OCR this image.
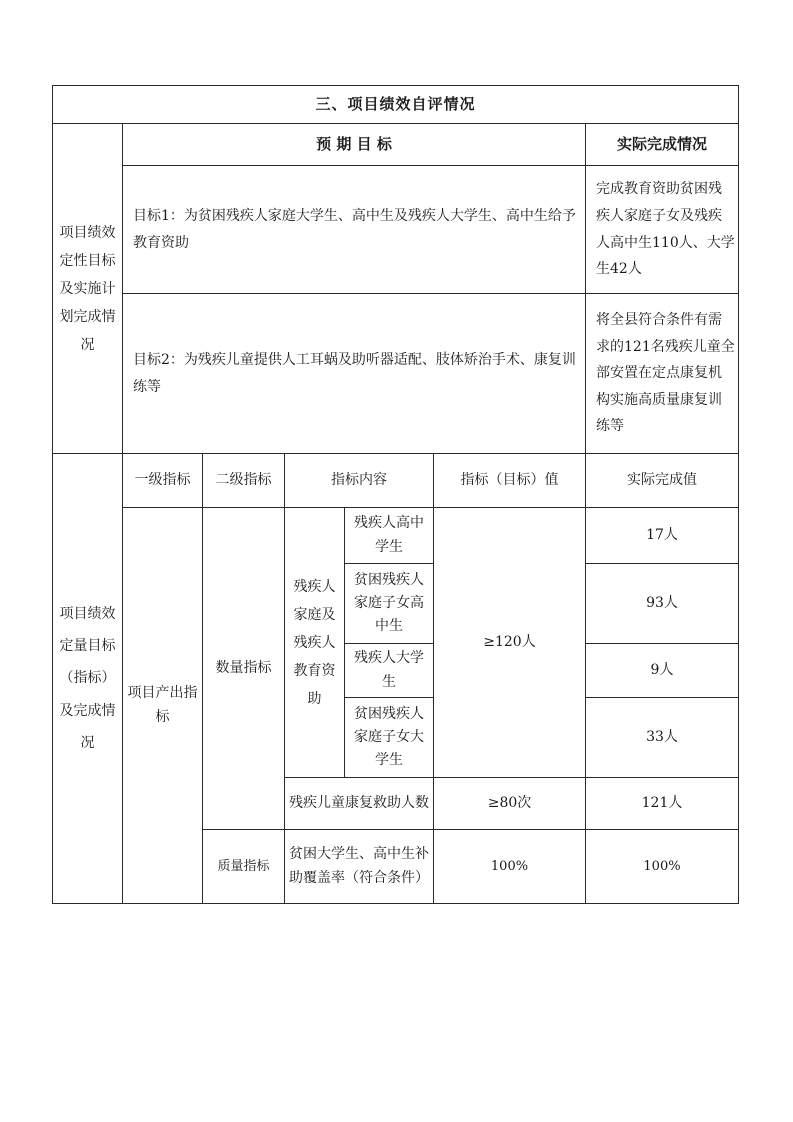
三、项目绩效自评情况						
项目绩效定性目标及实施计划完成情况	预 期 目 标					实际完成情况
	目标1：为贫困残疾人家庭大学生、高中生及残疾人大学生、高中生给予教育资助					完成教育资助贫困残疾人家庭子女及残疾人高中生110人、大学生42人
	目标2：为残疾儿童提供人工耳蜗及助听器适配、肢体矫治手术、康复训练等					将全县符合条件有需求的121名残疾儿童全部安置在定点康复机构实施高质量康复训练等
项目绩效定量目标（指标）及完成情况	一级指标	二级指标	指标内容		指标（目标）值	实际完成值
	项目产出指标	数量指标	残疾人家庭及残疾人教育资助	残疾人高中学生	≥120人	17人
				贫困残疾人家庭子女高中生		93人
				残疾人大学生		9人
				贫困残疾人家庭子女大学生		33人
			残疾儿童康复救助人数		≥80次	121人
		质量指标	贫困大学生、高中生补助覆盖率（符合条件）		100%	100%
